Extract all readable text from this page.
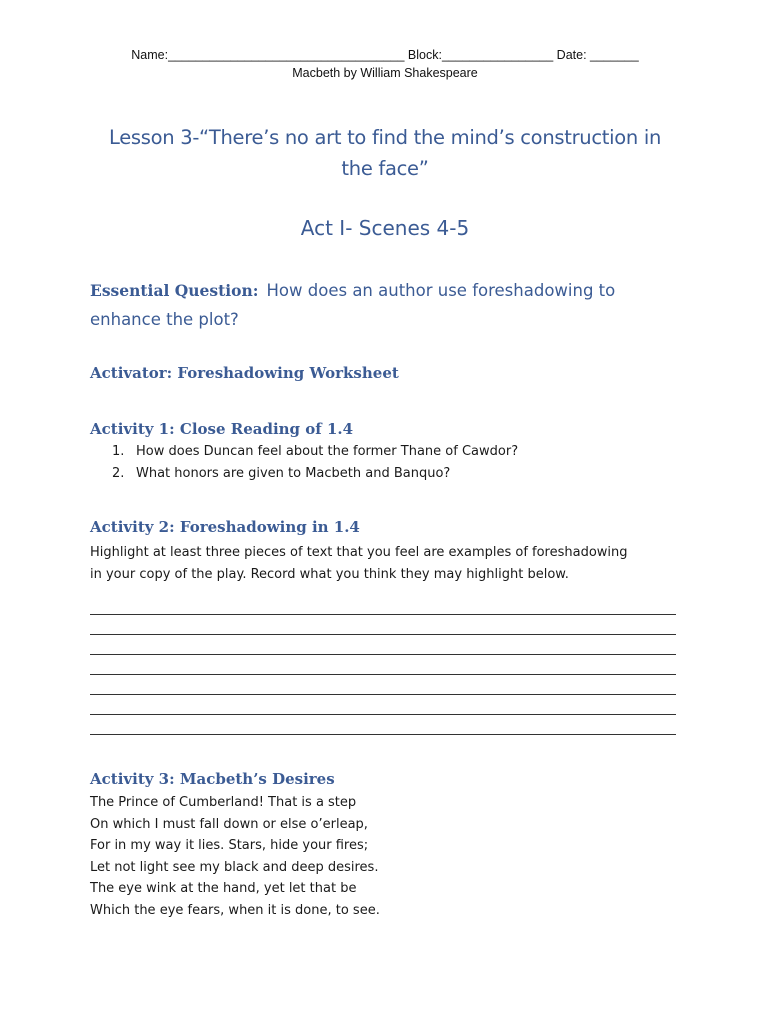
Name:__________________________________ Block:________________ Date: _______
Macbeth by William Shakespeare
Lesson 3-“There’s no art to find the mind’s construction in
the face”
Act I- Scenes 4-5
Essential Question: How does an author use foreshadowing to
enhance the plot?
Activator: Foreshadowing Worksheet
Activity 1: Close Reading of 1.4
1. How does Duncan feel about the former Thane of Cawdor?
2. What honors are given to Macbeth and Banquo?
Activity 2: Foreshadowing in 1.4
Highlight at least three pieces of text that you feel are examples of foreshadowing
in your copy of the play. Record what you think they may highlight below.
Activity 3: Macbeth’s Desires
The Prince of Cumberland! That is a step
On which I must fall down or else o’erleap,
For in my way it lies. Stars, hide your fires;
Let not light see my black and deep desires.
The eye wink at the hand, yet let that be
Which the eye fears, when it is done, to see.
